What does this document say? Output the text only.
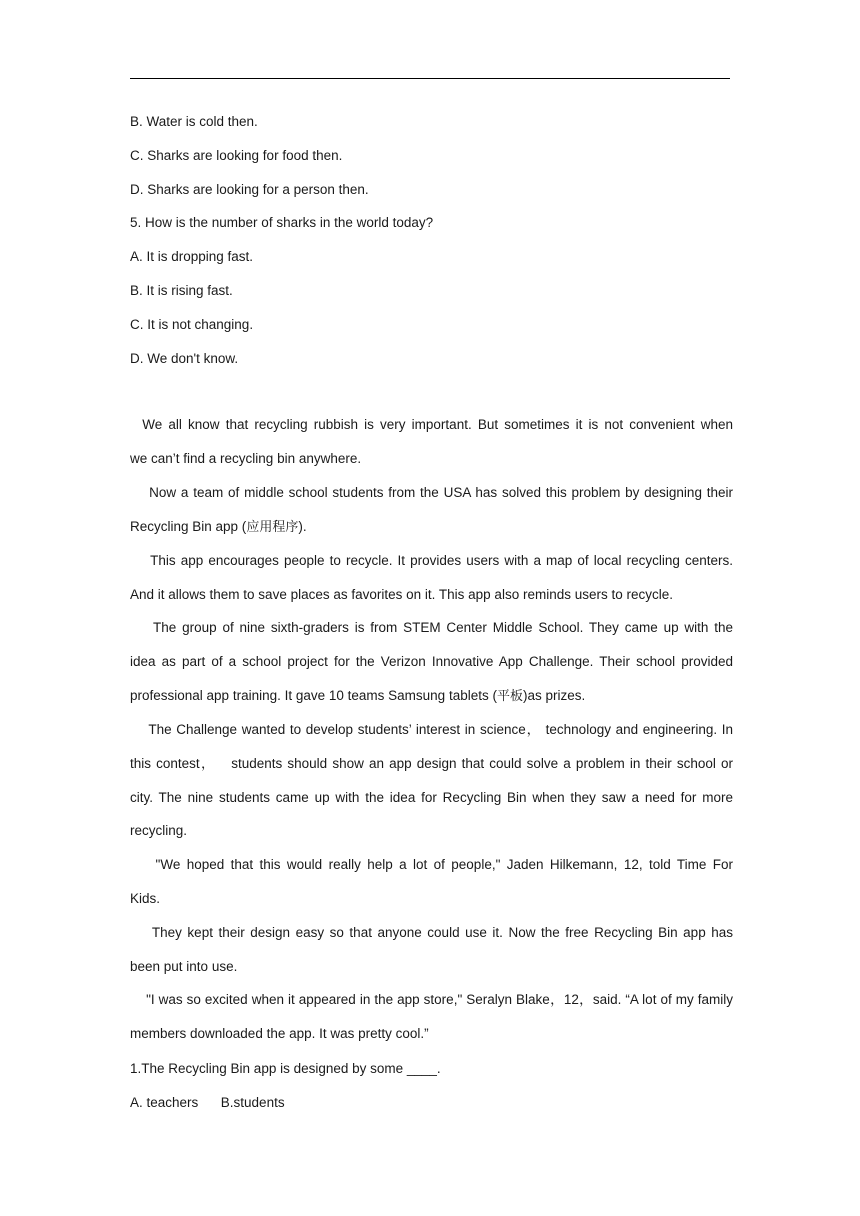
B. Water is cold then.
C. Sharks are looking for food then.
D. Sharks are looking for a person then.
5. How is the number of sharks in the world today?
A. It is dropping fast.
B. It is rising fast.
C. It is not changing.
D. We don't know.
We all know that recycling rubbish is very important. But sometimes it is not convenient when
we can’t find a recycling bin anywhere.
Now a team of middle school students from the USA has solved this problem by designing their
Recycling Bin app (应用程序).
This app encourages people to recycle. It provides users with a map of local recycling centers.
And it allows them to save places as favorites on it. This app also reminds users to recycle.
The group of nine sixth-graders is from STEM Center Middle School. They came up with the
idea as part of a school project for the Verizon Innovative App Challenge. Their school provided
professional app training. It gave 10 teams Samsung tablets (平板)as prizes.
The Challenge wanted to develop students’ interest in science， technology and engineering. In
this contest，   students should show an app design that could solve a problem in their school or
city. The nine students came up with the idea for Recycling Bin when they saw a need for more
recycling.
"We hoped that this would really help a lot of people," Jaden Hilkemann, 12, told Time For
Kids.
They kept their design easy so that anyone could use it. Now the free Recycling Bin app has
been put into use.
"I was so excited when it appeared in the app store," Seralyn Blake，12，said. “A lot of my family
members downloaded the app. It was pretty cool.”
1.The Recycling Bin app is designed by some ____.
A. teachers      B.students
